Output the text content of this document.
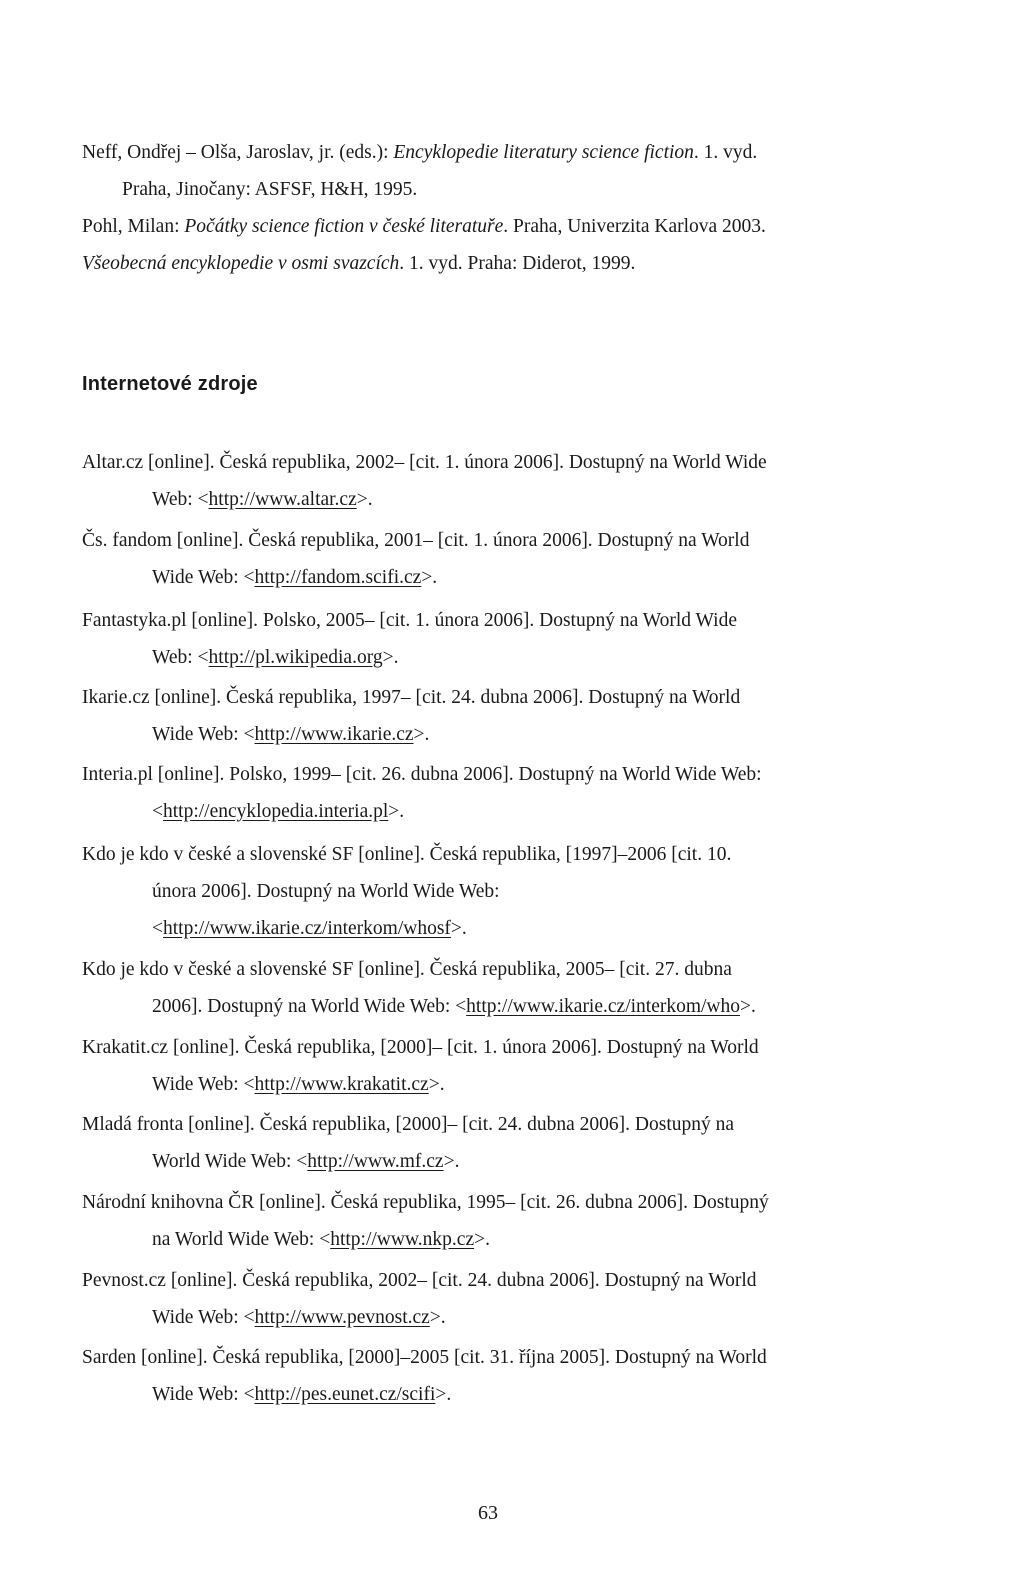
Neff, Ondřej – Olša, Jaroslav, jr. (eds.): Encyklopedie literatury science fiction. 1. vyd.
Praha, Jinočany: ASFSF, H&H, 1995.
Pohl, Milan: Počátky science fiction v české literatuře. Praha, Univerzita Karlova 2003.
Všeobecná encyklopedie v osmi svazcích. 1. vyd. Praha: Diderot, 1999.
Internetové zdroje
Altar.cz [online]. Česká republika, 2002– [cit. 1. února 2006]. Dostupný na World Wide
Web: <http://www.altar.cz>.
Čs. fandom [online]. Česká republika, 2001– [cit. 1. února 2006]. Dostupný na World
Wide Web: <http://fandom.scifi.cz>.
Fantastyka.pl [online]. Polsko, 2005– [cit. 1. února 2006]. Dostupný na World Wide
Web: <http://pl.wikipedia.org>.
Ikarie.cz [online]. Česká republika, 1997– [cit. 24. dubna 2006]. Dostupný na World
Wide Web: <http://www.ikarie.cz>.
Interia.pl [online]. Polsko, 1999– [cit. 26. dubna 2006]. Dostupný na World Wide Web:
<http://encyklopedia.interia.pl>.
Kdo je kdo v české a slovenské SF [online]. Česká republika, [1997]–2006 [cit. 10.
února 2006]. Dostupný na World Wide Web:
<http://www.ikarie.cz/interkom/whosf>.
Kdo je kdo v české a slovenské SF [online]. Česká republika, 2005– [cit. 27. dubna
2006]. Dostupný na World Wide Web: <http://www.ikarie.cz/interkom/who>.
Krakatit.cz [online]. Česká republika, [2000]– [cit. 1. února 2006]. Dostupný na World
Wide Web: <http://www.krakatit.cz>.
Mladá fronta [online]. Česká republika, [2000]– [cit. 24. dubna 2006]. Dostupný na
World Wide Web: <http://www.mf.cz>.
Národní knihovna ČR [online]. Česká republika, 1995– [cit. 26. dubna 2006]. Dostupný
na World Wide Web: <http://www.nkp.cz>.
Pevnost.cz [online]. Česká republika, 2002– [cit. 24. dubna 2006]. Dostupný na World
Wide Web: <http://www.pevnost.cz>.
Sarden [online]. Česká republika, [2000]–2005 [cit. 31. října 2005]. Dostupný na World
Wide Web: <http://pes.eunet.cz/scifi>.
63
